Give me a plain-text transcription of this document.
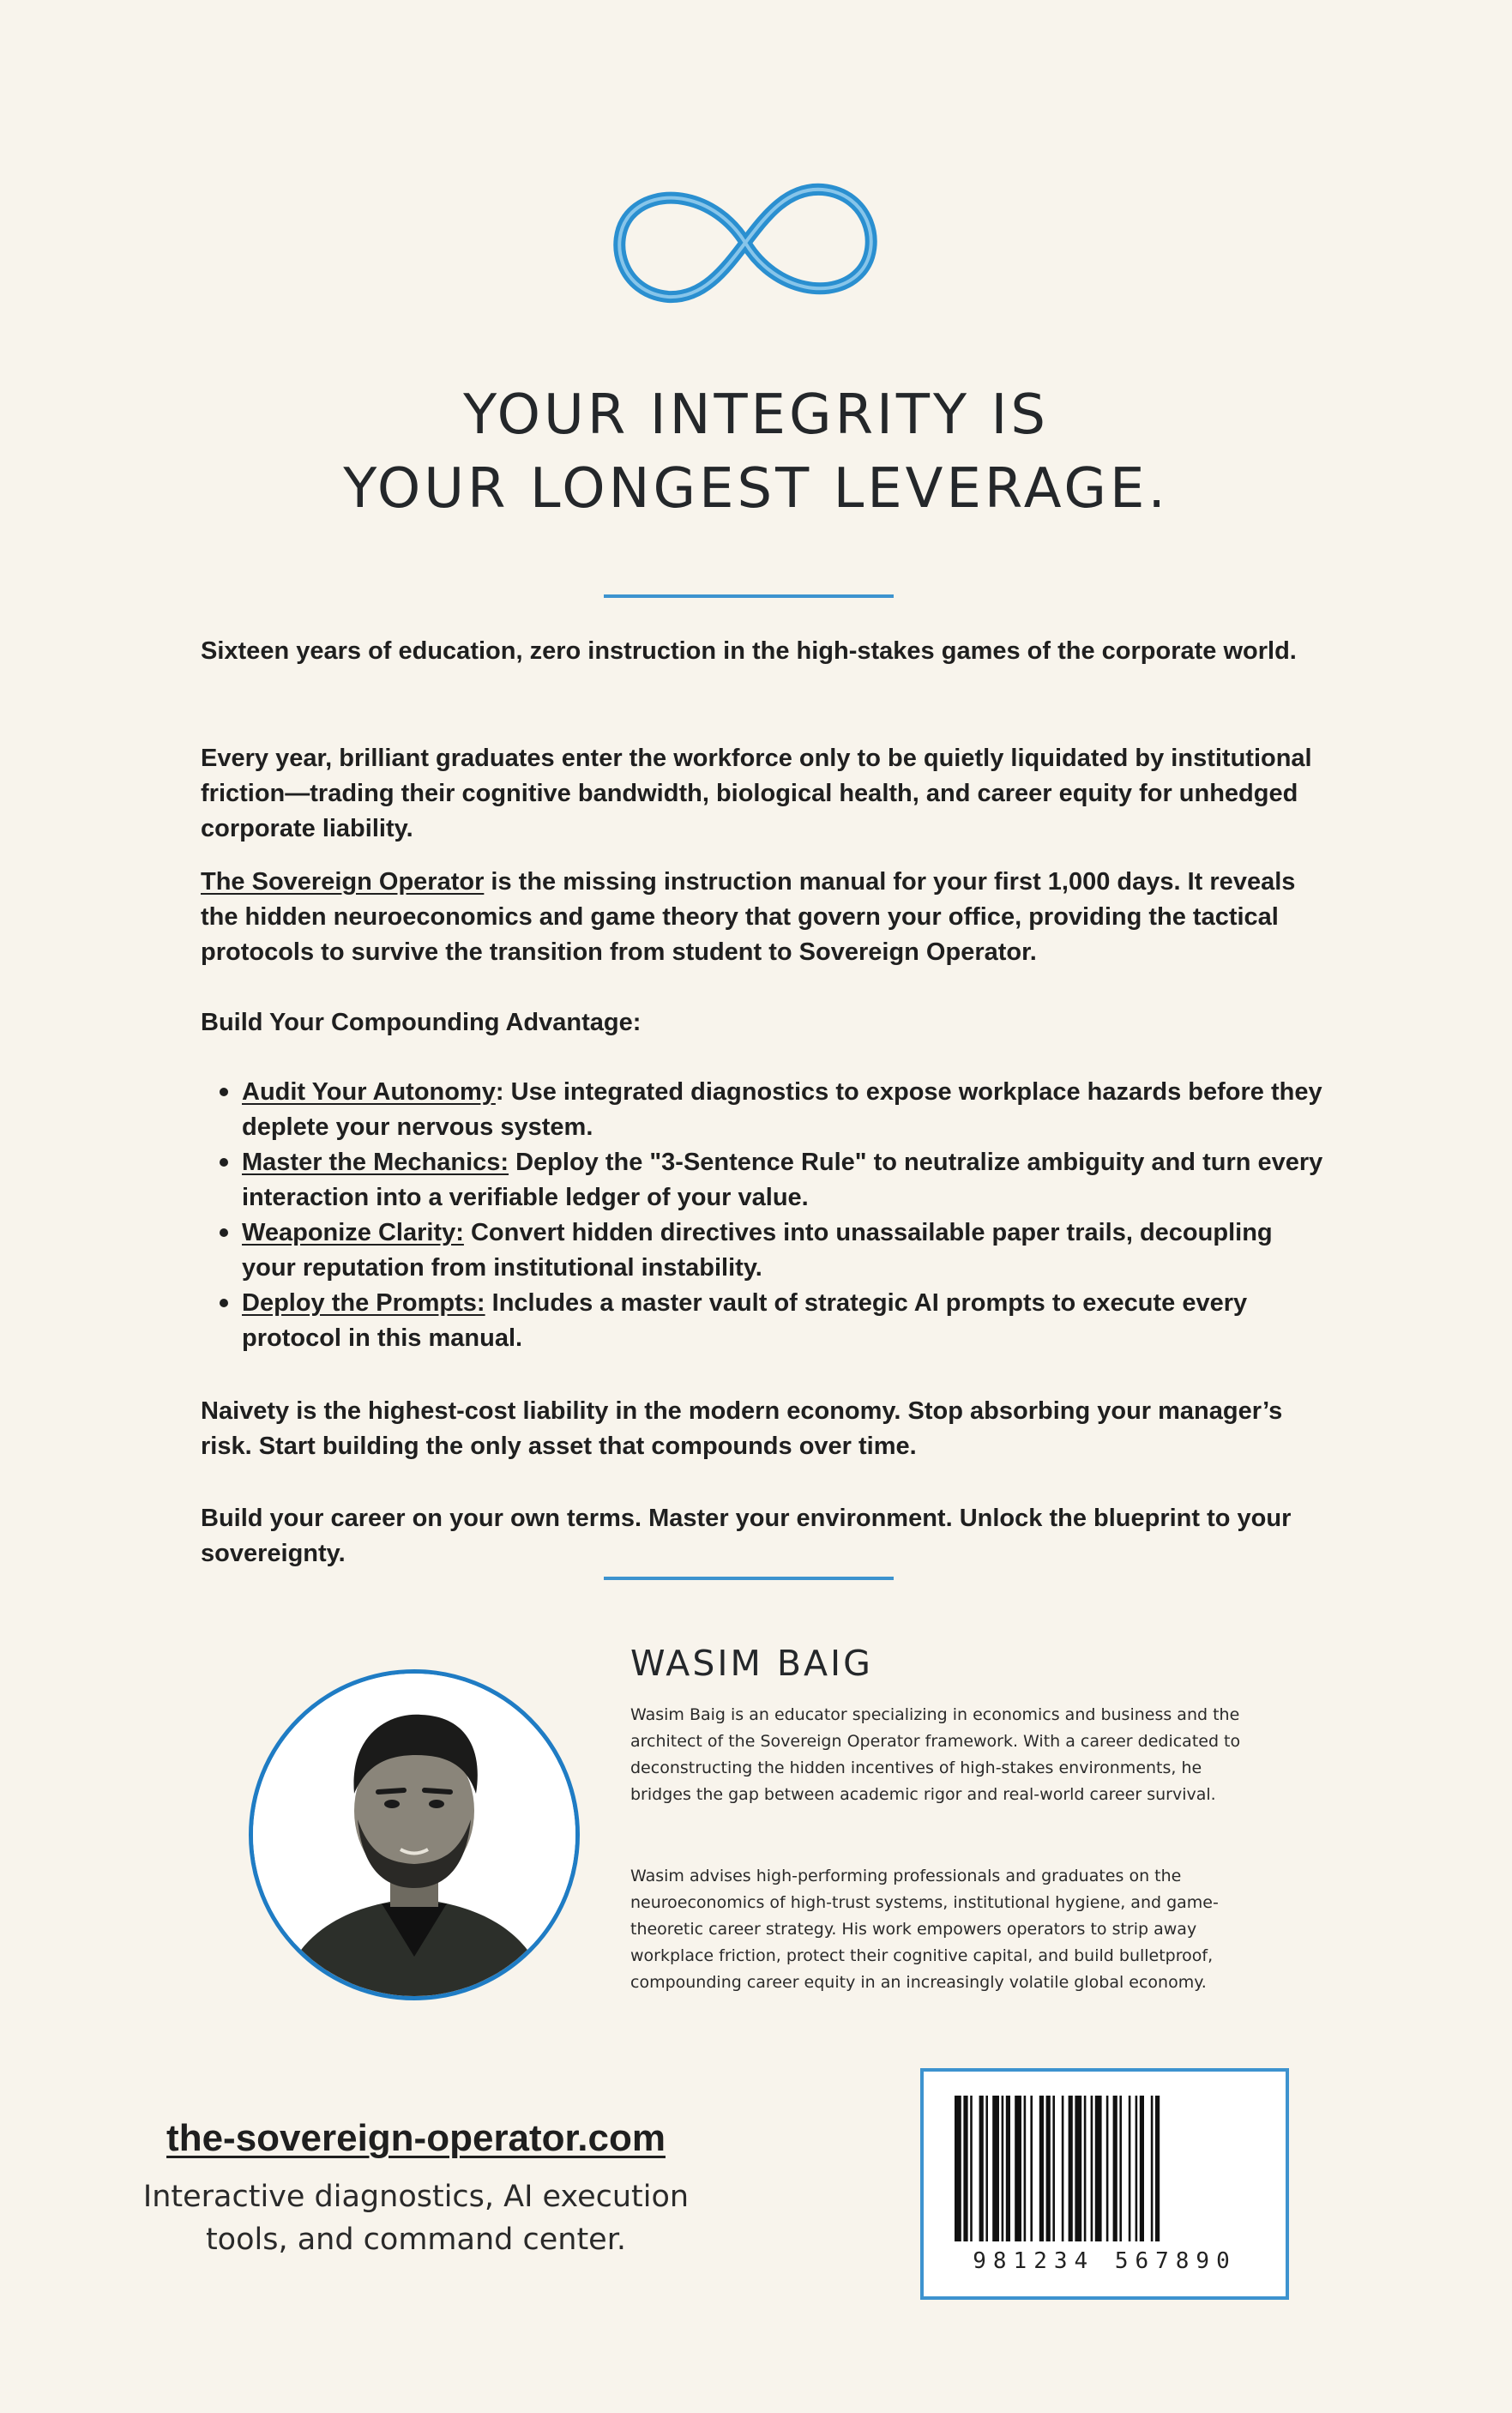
YOUR INTEGRITY IS
YOUR LONGEST LEVERAGE.
Sixteen years of education, zero instruction in the high-stakes games of the corporate world.
Every year, brilliant graduates enter the workforce only to be quietly liquidated by institutional friction—trading their cognitive bandwidth, biological health, and career equity for unhedged corporate liability.
The Sovereign Operator is the missing instruction manual for your first 1,000 days. It reveals the hidden neuroeconomics and game theory that govern your office, providing the tactical protocols to survive the transition from student to Sovereign Operator.
Build Your Compounding Advantage:
Audit Your Autonomy: Use integrated diagnostics to expose workplace hazards before they deplete your nervous system.
Master the Mechanics: Deploy the "3-Sentence Rule" to neutralize ambiguity and turn every interaction into a verifiable ledger of your value.
Weaponize Clarity: Convert hidden directives into unassailable paper trails, decoupling your reputation from institutional instability.
Deploy the Prompts: Includes a master vault of strategic AI prompts to execute every protocol in this manual.
Naivety is the highest-cost liability in the modern economy. Stop absorbing your manager’s risk. Start building the only asset that compounds over time.
Build your career on your own terms. Master your environment. Unlock the blueprint to your sovereignty.
WASIM BAIG
Wasim Baig is an educator specializing in economics and business and the architect of the Sovereign Operator framework. With a career dedicated to deconstructing the hidden incentives of high-stakes environments, he bridges the gap between academic rigor and real-world career survival.
Wasim advises high-performing professionals and graduates on the neuroeconomics of high-trust systems, institutional hygiene, and game-theoretic career strategy. His work empowers operators to strip away workplace friction, protect their cognitive capital, and build bulletproof, compounding career equity in an increasingly volatile global economy.
the-sovereign-operator.com
Interactive diagnostics, AI execution
tools, and command center.
981234 567890
